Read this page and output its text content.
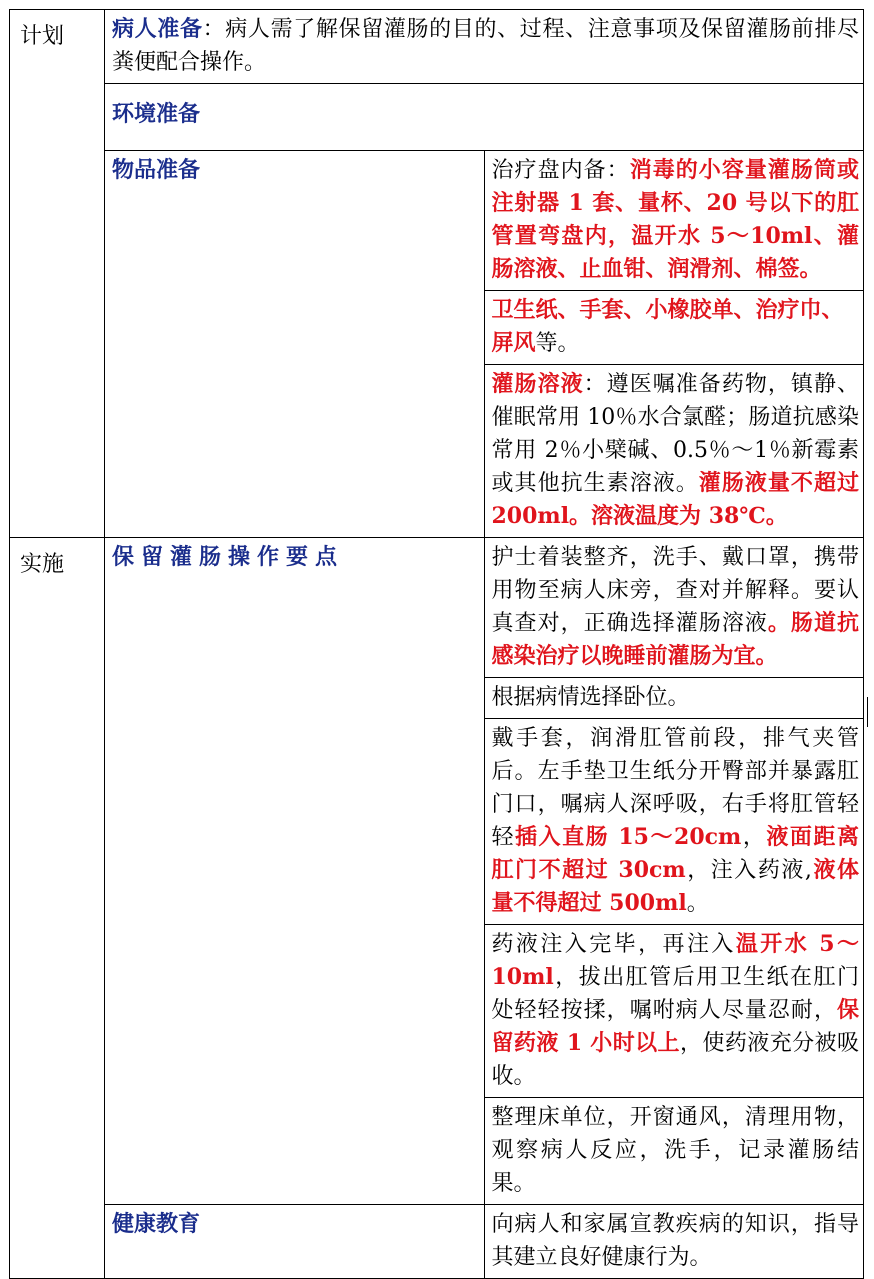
计划	病人准备：病人需了解保留灌肠的目的、过程、注意事项及保留灌肠前排尽粪便配合操作。	
	环境准备	
	物品准备	治疗盘内备：消毒的小容量灌肠筒或注射器 1 套、量杯、20 号以下的肛管置弯盘内，温开水 5～10ml、灌肠溶液、止血钳、润滑剂、棉签。
		卫生纸、手套、小橡胶单、治疗巾、屏风等。
		灌肠溶液：遵医嘱准备药物，镇静、催眠常用 10％水合氯醛；肠道抗感染常用 2％小檗碱、0.5％～1％新霉素或其他抗生素溶液。灌肠液量不超过 200ml。溶液温度为 38℃。
实施	保留灌肠操作要点	护士着装整齐，洗手、戴口罩，携带用物至病人床旁，查对并解释。要认真查对，正确选择灌肠溶液。肠道抗感染治疗以晚睡前灌肠为宜。
		根据病情选择卧位。
		戴手套，润滑肛管前段，排气夹管后。左手垫卫生纸分开臀部并暴露肛门口，嘱病人深呼吸，右手将肛管轻轻插入直肠 15～20cm，液面距离肛门不超过 30cm，注入药液,液体量不得超过 500ml。
		药液注入完毕，再注入温开水 5～10ml，拔出肛管后用卫生纸在肛门处轻轻按揉，嘱咐病人尽量忍耐，保留药液 1 小时以上，使药液充分被吸收。
		整理床单位，开窗通风，清理用物，观察病人反应，洗手，记录灌肠结果。
	健康教育	向病人和家属宣教疾病的知识，指导其建立良好健康行为。
